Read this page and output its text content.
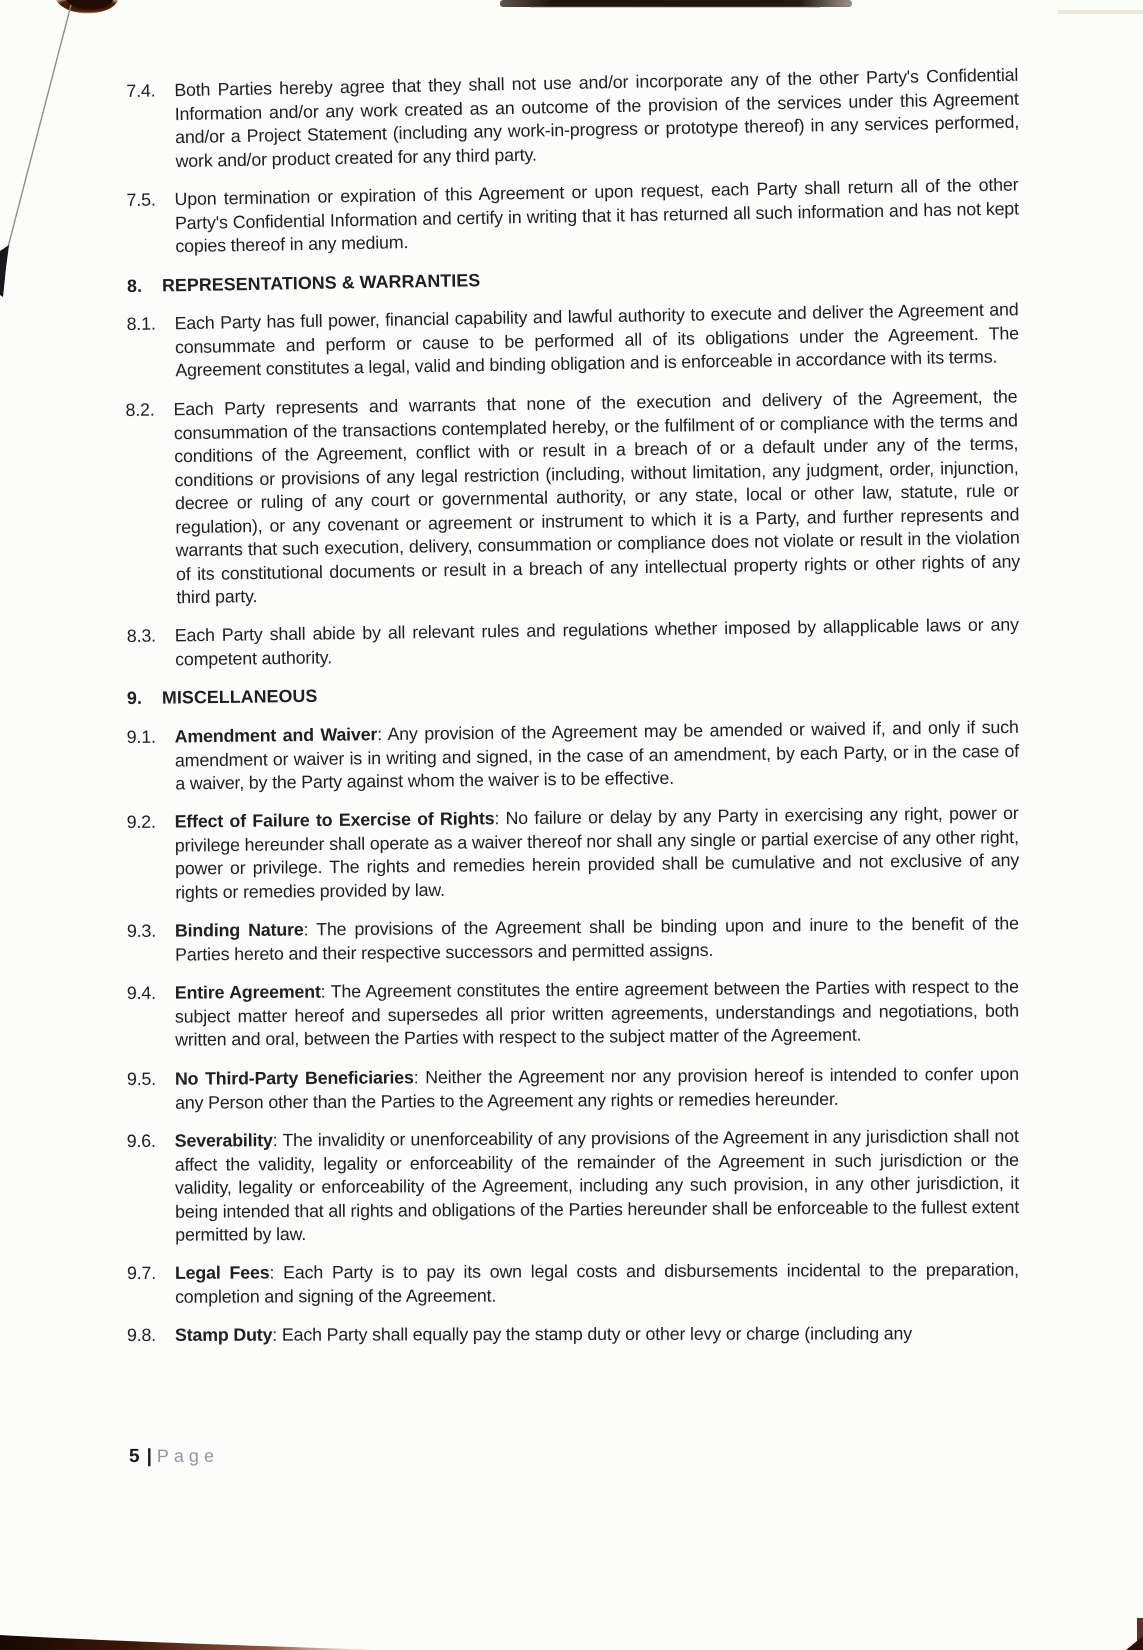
7.4.	Both Parties hereby agree that they shall not use and/or incorporate any of the other Party's Confidential Information and/or any work created as an outcome of the provision of the services under this Agreement and/or a Project Statement (including any work-in-progress or prototype thereof) in any services performed, work and/or product created for any third party.
7.5.	Upon termination or expiration of this Agreement or upon request, each Party shall return all of the other Party's Confidential Information and certify in writing that it has returned all such information and has not kept copies thereof in any medium.
8.	REPRESENTATIONS & WARRANTIES
8.1.	Each Party has full power, financial capability and lawful authority to execute and deliver the Agreement and consummate and perform or cause to be performed all of its obligations under the Agreement. The Agreement constitutes a legal, valid and binding obligation and is enforceable in accordance with its terms.
8.2.	Each Party represents and warrants that none of the execution and delivery of the Agreement, the consummation of the transactions contemplated hereby, or the fulfilment of or compliance with the terms and conditions of the Agreement, conflict with or result in a breach of or a default under any of the terms, conditions or provisions of any legal restriction (including, without limitation, any judgment, order, injunction, decree or ruling of any court or governmental authority, or any state, local or other law, statute, rule or regulation), or any covenant or agreement or instrument to which it is a Party, and further represents and warrants that such execution, delivery, consummation or compliance does not violate or result in the violation of its constitutional documents or result in a breach of any intellectual property rights or other rights of any third party.
8.3.	Each Party shall abide by all relevant rules and regulations whether imposed by allapplicable laws or any competent authority.
9.	MISCELLANEOUS
9.1.	Amendment and Waiver: Any provision of the Agreement may be amended or waived if, and only if such amendment or waiver is in writing and signed, in the case of an amendment, by each Party, or in the case of a waiver, by the Party against whom the waiver is to be effective.
9.2.	Effect of Failure to Exercise of Rights: No failure or delay by any Party in exercising any right, power or privilege hereunder shall operate as a waiver thereof nor shall any single or partial exercise of any other right, power or privilege. The rights and remedies herein provided shall be cumulative and not exclusive of any rights or remedies provided by law.
9.3.	Binding Nature: The provisions of the Agreement shall be binding upon and inure to the benefit of the Parties hereto and their respective successors and permitted assigns.
9.4.	Entire Agreement: The Agreement constitutes the entire agreement between the Parties with respect to the subject matter hereof and supersedes all prior written agreements, understandings and negotiations, both written and oral, between the Parties with respect to the subject matter of the Agreement.
9.5.	No Third-Party Beneficiaries: Neither the Agreement nor any provision hereof is intended to confer upon any Person other than the Parties to the Agreement any rights or remedies hereunder.
9.6.	Severability: The invalidity or unenforceability of any provisions of the Agreement in any jurisdiction shall not affect the validity, legality or enforceability of the remainder of the Agreement in such jurisdiction or the validity, legality or enforceability of the Agreement, including any such provision, in any other jurisdiction, it being intended that all rights and obligations of the Parties hereunder shall be enforceable to the fullest extent permitted by law.
9.7.	Legal Fees: Each Party is to pay its own legal costs and disbursements incidental to the preparation, completion and signing of the Agreement.
9.8.	Stamp Duty: Each Party shall equally pay the stamp duty or other levy or charge (including any
5 | Page
